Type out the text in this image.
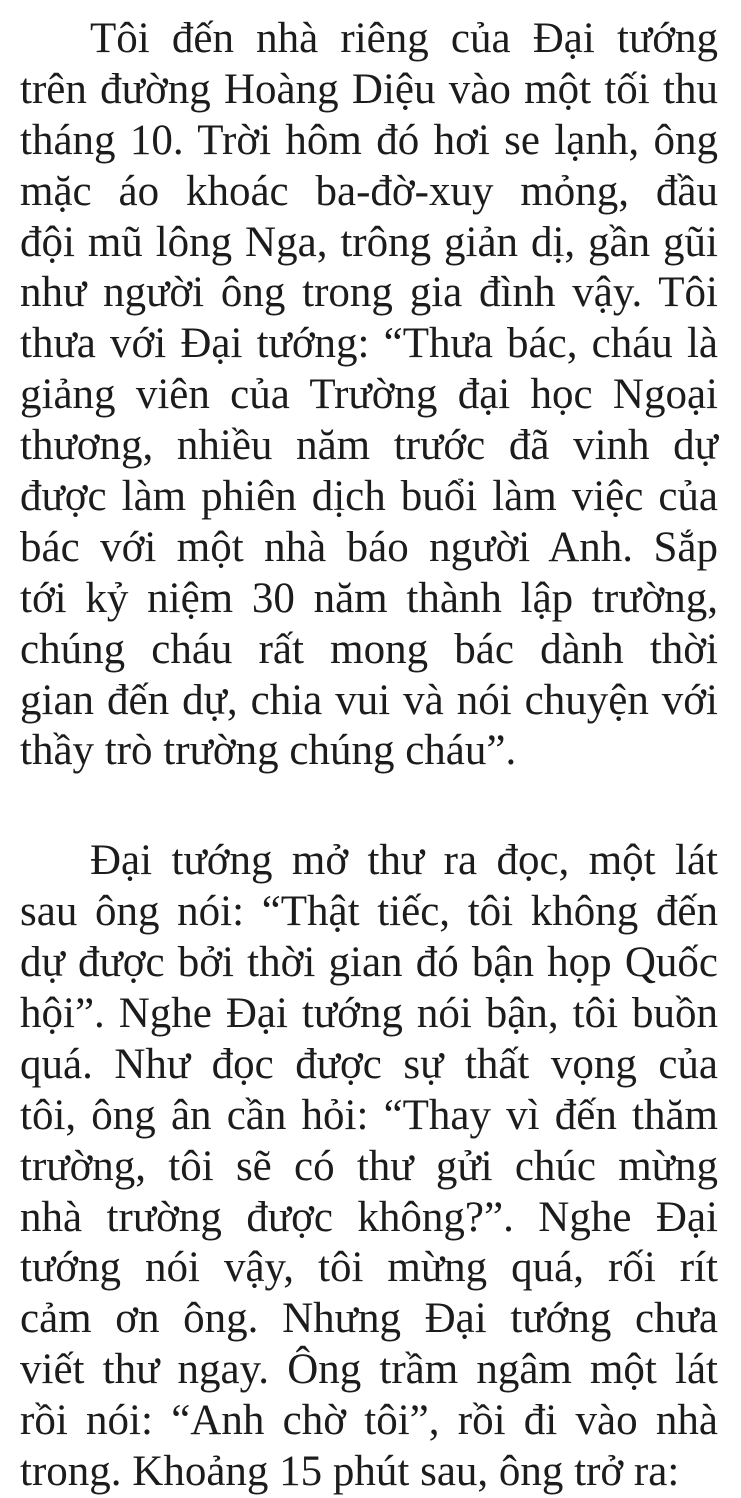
Tôi đến nhà riêng của Đại tướng
trên đường Hoàng Diệu vào một tối thu
tháng 10. Trời hôm đó hơi se lạnh, ông
mặc áo khoác ba-đờ-xuy mỏng, đầu
đội mũ lông Nga, trông giản dị, gần gũi
như người ông trong gia đình vậy. Tôi
thưa với Đại tướng: “Thưa bác, cháu là
giảng viên của Trường đại học Ngoại
thương, nhiều năm trước đã vinh dự
được làm phiên dịch buổi làm việc của
bác với một nhà báo người Anh. Sắp
tới kỷ niệm 30 năm thành lập trường,
chúng cháu rất mong bác dành thời
gian đến dự, chia vui và nói chuyện với
thầy trò trường chúng cháu”.

Đại tướng mở thư ra đọc, một lát
sau ông nói: “Thật tiếc, tôi không đến
dự được bởi thời gian đó bận họp Quốc
hội”. Nghe Đại tướng nói bận, tôi buồn
quá. Như đọc được sự thất vọng của
tôi, ông ân cần hỏi: “Thay vì đến thăm
trường, tôi sẽ có thư gửi chúc mừng
nhà trường được không?”. Nghe Đại
tướng nói vậy, tôi mừng quá, rối rít
cảm ơn ông. Nhưng Đại tướng chưa
viết thư ngay. Ông trầm ngâm một lát
rồi nói: “Anh chờ tôi”, rồi đi vào nhà
trong. Khoảng 15 phút sau, ông trở ra:
